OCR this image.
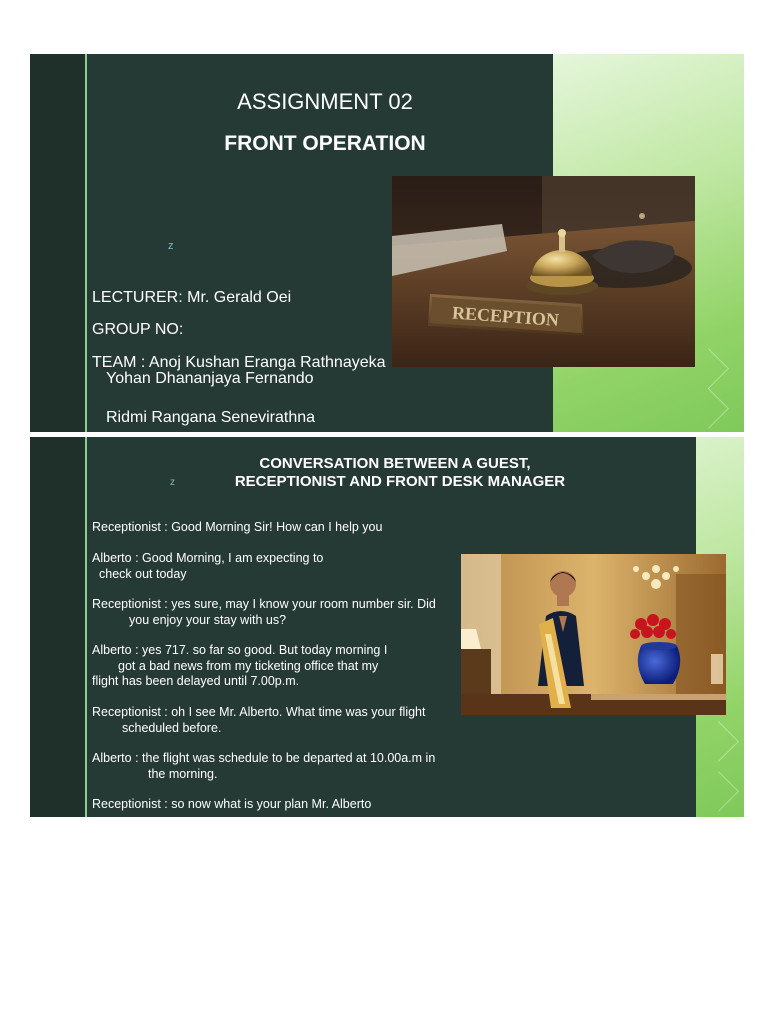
ASSIGNMENT 02
FRONT OPERATION
z
LECTURER: Mr. Gerald Oei
GROUP NO:
TEAM : Anoj Kushan Eranga Rathnayeka
Yohan Dhananjaya Fernando
Ridmi Rangana Senevirathna
RECEPTION
z
CONVERSATION BETWEEN A GUEST,
RECEPTIONIST AND FRONT DESK MANAGER
Receptionist : Good Morning Sir! How can I help you
Alberto : Good Morning, I am expecting to
check out today
Receptionist : yes sure, may I know your room number sir. Did
you enjoy your stay with us?
Alberto : yes 717. so far so good. But today morning I
got a bad news from my ticketing office that my
flight has been delayed until 7.00p.m.
Receptionist : oh I see Mr. Alberto. What time was your flight
scheduled before.
Alberto : the flight was schedule to be departed at 10.00a.m in
the morning.
Receptionist : so now what is your plan Mr. Alberto
